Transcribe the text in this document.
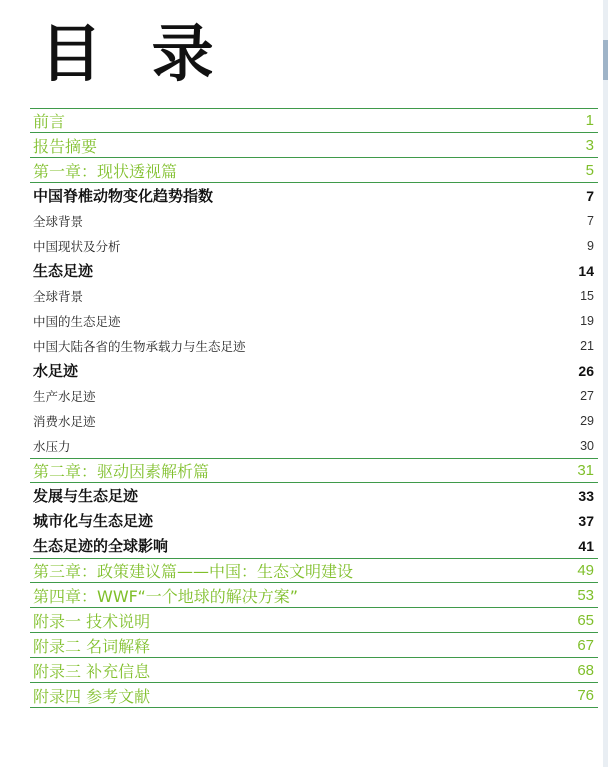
目 录
前言	1
报告摘要	3
第一章：现状透视篇	5
中国脊椎动物变化趋势指数	7
全球背景	7
中国现状及分析	9
生态足迹	14
全球背景	15
中国的生态足迹	19
中国大陆各省的生物承载力与生态足迹	21
水足迹	26
生产水足迹	27
消费水足迹	29
水压力	30
第二章：驱动因素解析篇	31
发展与生态足迹	33
城市化与生态足迹	37
生态足迹的全球影响	41
第三章：政策建议篇——中国：生态文明建设	49
第四章：WWF“一个地球的解决方案”	53
附录一 技术说明	65
附录二 名词解释	67
附录三 补充信息	68
附录四 参考文献	76
